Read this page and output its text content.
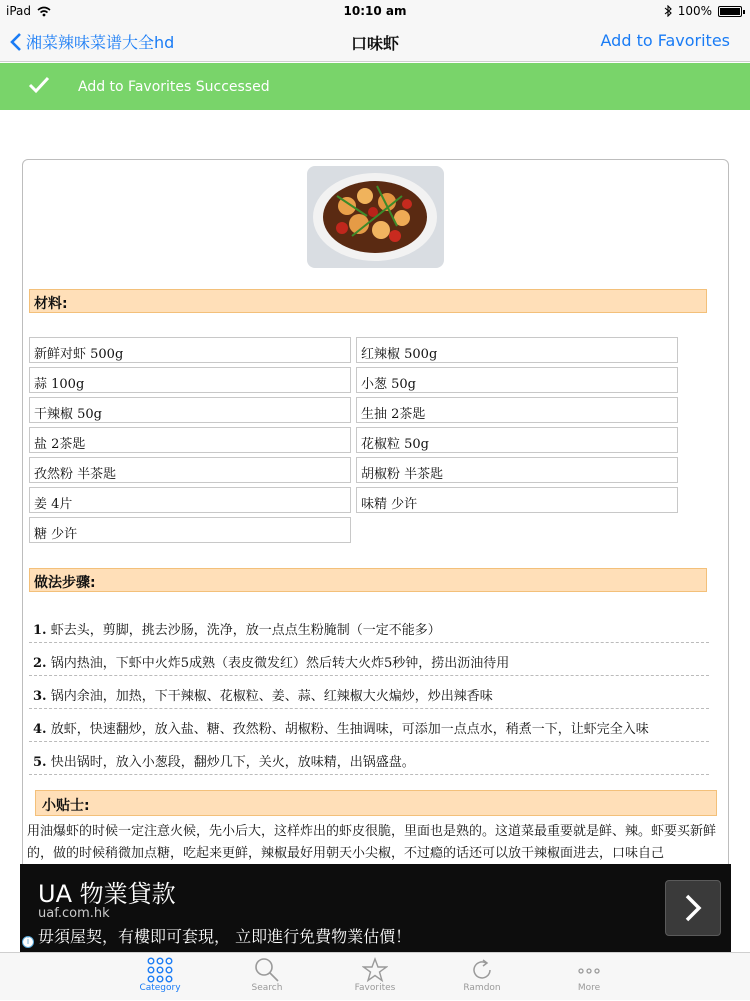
iPad	10:10 am	100%
湘菜辣味菜谱大全hd	口味虾	Add to Favorites
Add to Favorites Successed
材料:
新鲜对虾 500g	红辣椒 500g
蒜 100g	小葱 50g
干辣椒 50g	生抽 2茶匙
盐 2茶匙	花椒粒 50g
孜然粉 半茶匙	胡椒粉 半茶匙
姜 4片	味精 少许
糖 少许
做法步骤:
1. 虾去头，剪脚，挑去沙肠，洗净，放一点点生粉腌制（一定不能多）
2. 锅内热油，下虾中火炸5成熟（表皮微发红）然后转大火炸5秒钟，捞出沥油待用
3. 锅内余油，加热，下干辣椒、花椒粒、姜、蒜、红辣椒大火煸炒，炒出辣香味
4. 放虾，快速翻炒，放入盐、糖、孜然粉、胡椒粉、生抽调味，可添加一点点水，稍煮一下，让虾完全入味
5. 快出锅时，放入小葱段，翻炒几下，关火，放味精，出锅盛盘。
小贴士:
用油爆虾的时候一定注意火候，先小后大，这样炸出的虾皮很脆，里面也是熟的。这道菜最重要就是鲜、辣。虾要买新鲜的，做的时候稍微加点糖，吃起来更鲜，辣椒最好用朝天小尖椒，不过瘾的话还可以放干辣椒面进去，口味自己
UA 物業貸款
uaf.com.hk
毋須屋契，有樓即可套現， 立即進行免費物業估價！
i
Category	Search	Favorites	Ramdon	More
